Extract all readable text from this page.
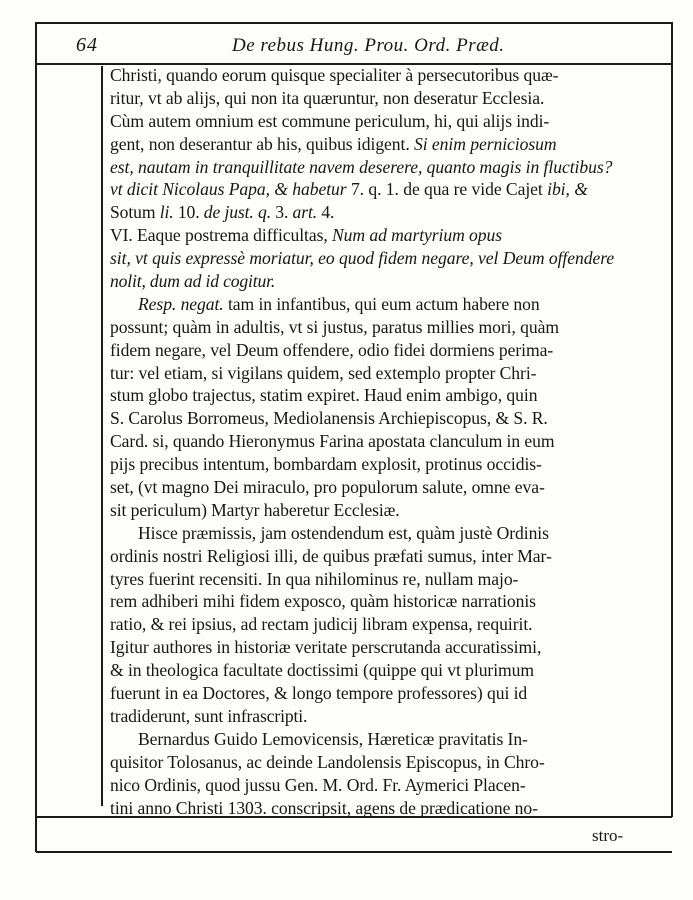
64	De rebus Hung. Prou. Ord. Præd.
Christi, quando eorum quisque specialiter à persecutoribus quæ-
ritur, vt ab alijs, qui non ita quæruntur, non deseratur Ecclesia.
Cùm autem omnium est commune periculum, hi, qui alijs indi-
gent, non deserantur ab his, quibus idigent. Si enim perniciosum
est, nautam in tranquillitate navem deserere, quanto magis in fluctibus?
vt dicit Nicolaus Papa, & habetur 7. q. 1. de qua re vide Cajet ibi, &
Sotum li. 10. de just. q. 3. art. 4.
VI. Eaque postrema difficultas, Num ad martyrium opus
sit, vt quis expressè moriatur, eo quod fidem negare, vel Deum offendere
nolit, dum ad id cogitur.
Resp. negat. tam in infantibus, qui eum actum habere non
possunt; quàm in adultis, vt si justus, paratus millies mori, quàm
fidem negare, vel Deum offendere, odio fidei dormiens perima-
tur: vel etiam, si vigilans quidem, sed extemplo propter Chri-
stum globo trajectus, statim expiret. Haud enim ambigo, quin
S. Carolus Borromeus, Mediolanensis Archiepiscopus, & S. R.
Card. si, quando Hieronymus Farina apostata clanculum in eum
pijs precibus intentum, bombardam explosit, protinus occidis-
set, (vt magno Dei miraculo, pro populorum salute, omne eva-
sit periculum) Martyr haberetur Ecclesiæ.
Hisce præmissis, jam ostendendum est, quàm justè Ordinis
ordinis nostri Religiosi illi, de quibus præfati sumus, inter Mar-
tyres fuerint recensiti. In qua nihilominus re, nullam majo-
rem adhiberi mihi fidem exposco, quàm historicæ narrationis
ratio, & rei ipsius, ad rectam judicij libram expensa, requirit.
Igitur authores in historiæ veritate perscrutanda accuratissimi,
& in theologica facultate doctissimi (quippe qui vt plurimum
fuerunt in ea Doctores, & longo tempore professores) qui id
tradiderunt, sunt infrascripti.
Bernardus Guido Lemovicensis, Hæreticæ pravitatis In-
quisitor Tolosanus, ac deinde Landolensis Episcopus, in Chro-
nico Ordinis, quod jussu Gen. M. Ord. Fr. Aymerici Placen-
tini anno Christi 1303. conscripsit, agens de prædicatione no-
stro-
